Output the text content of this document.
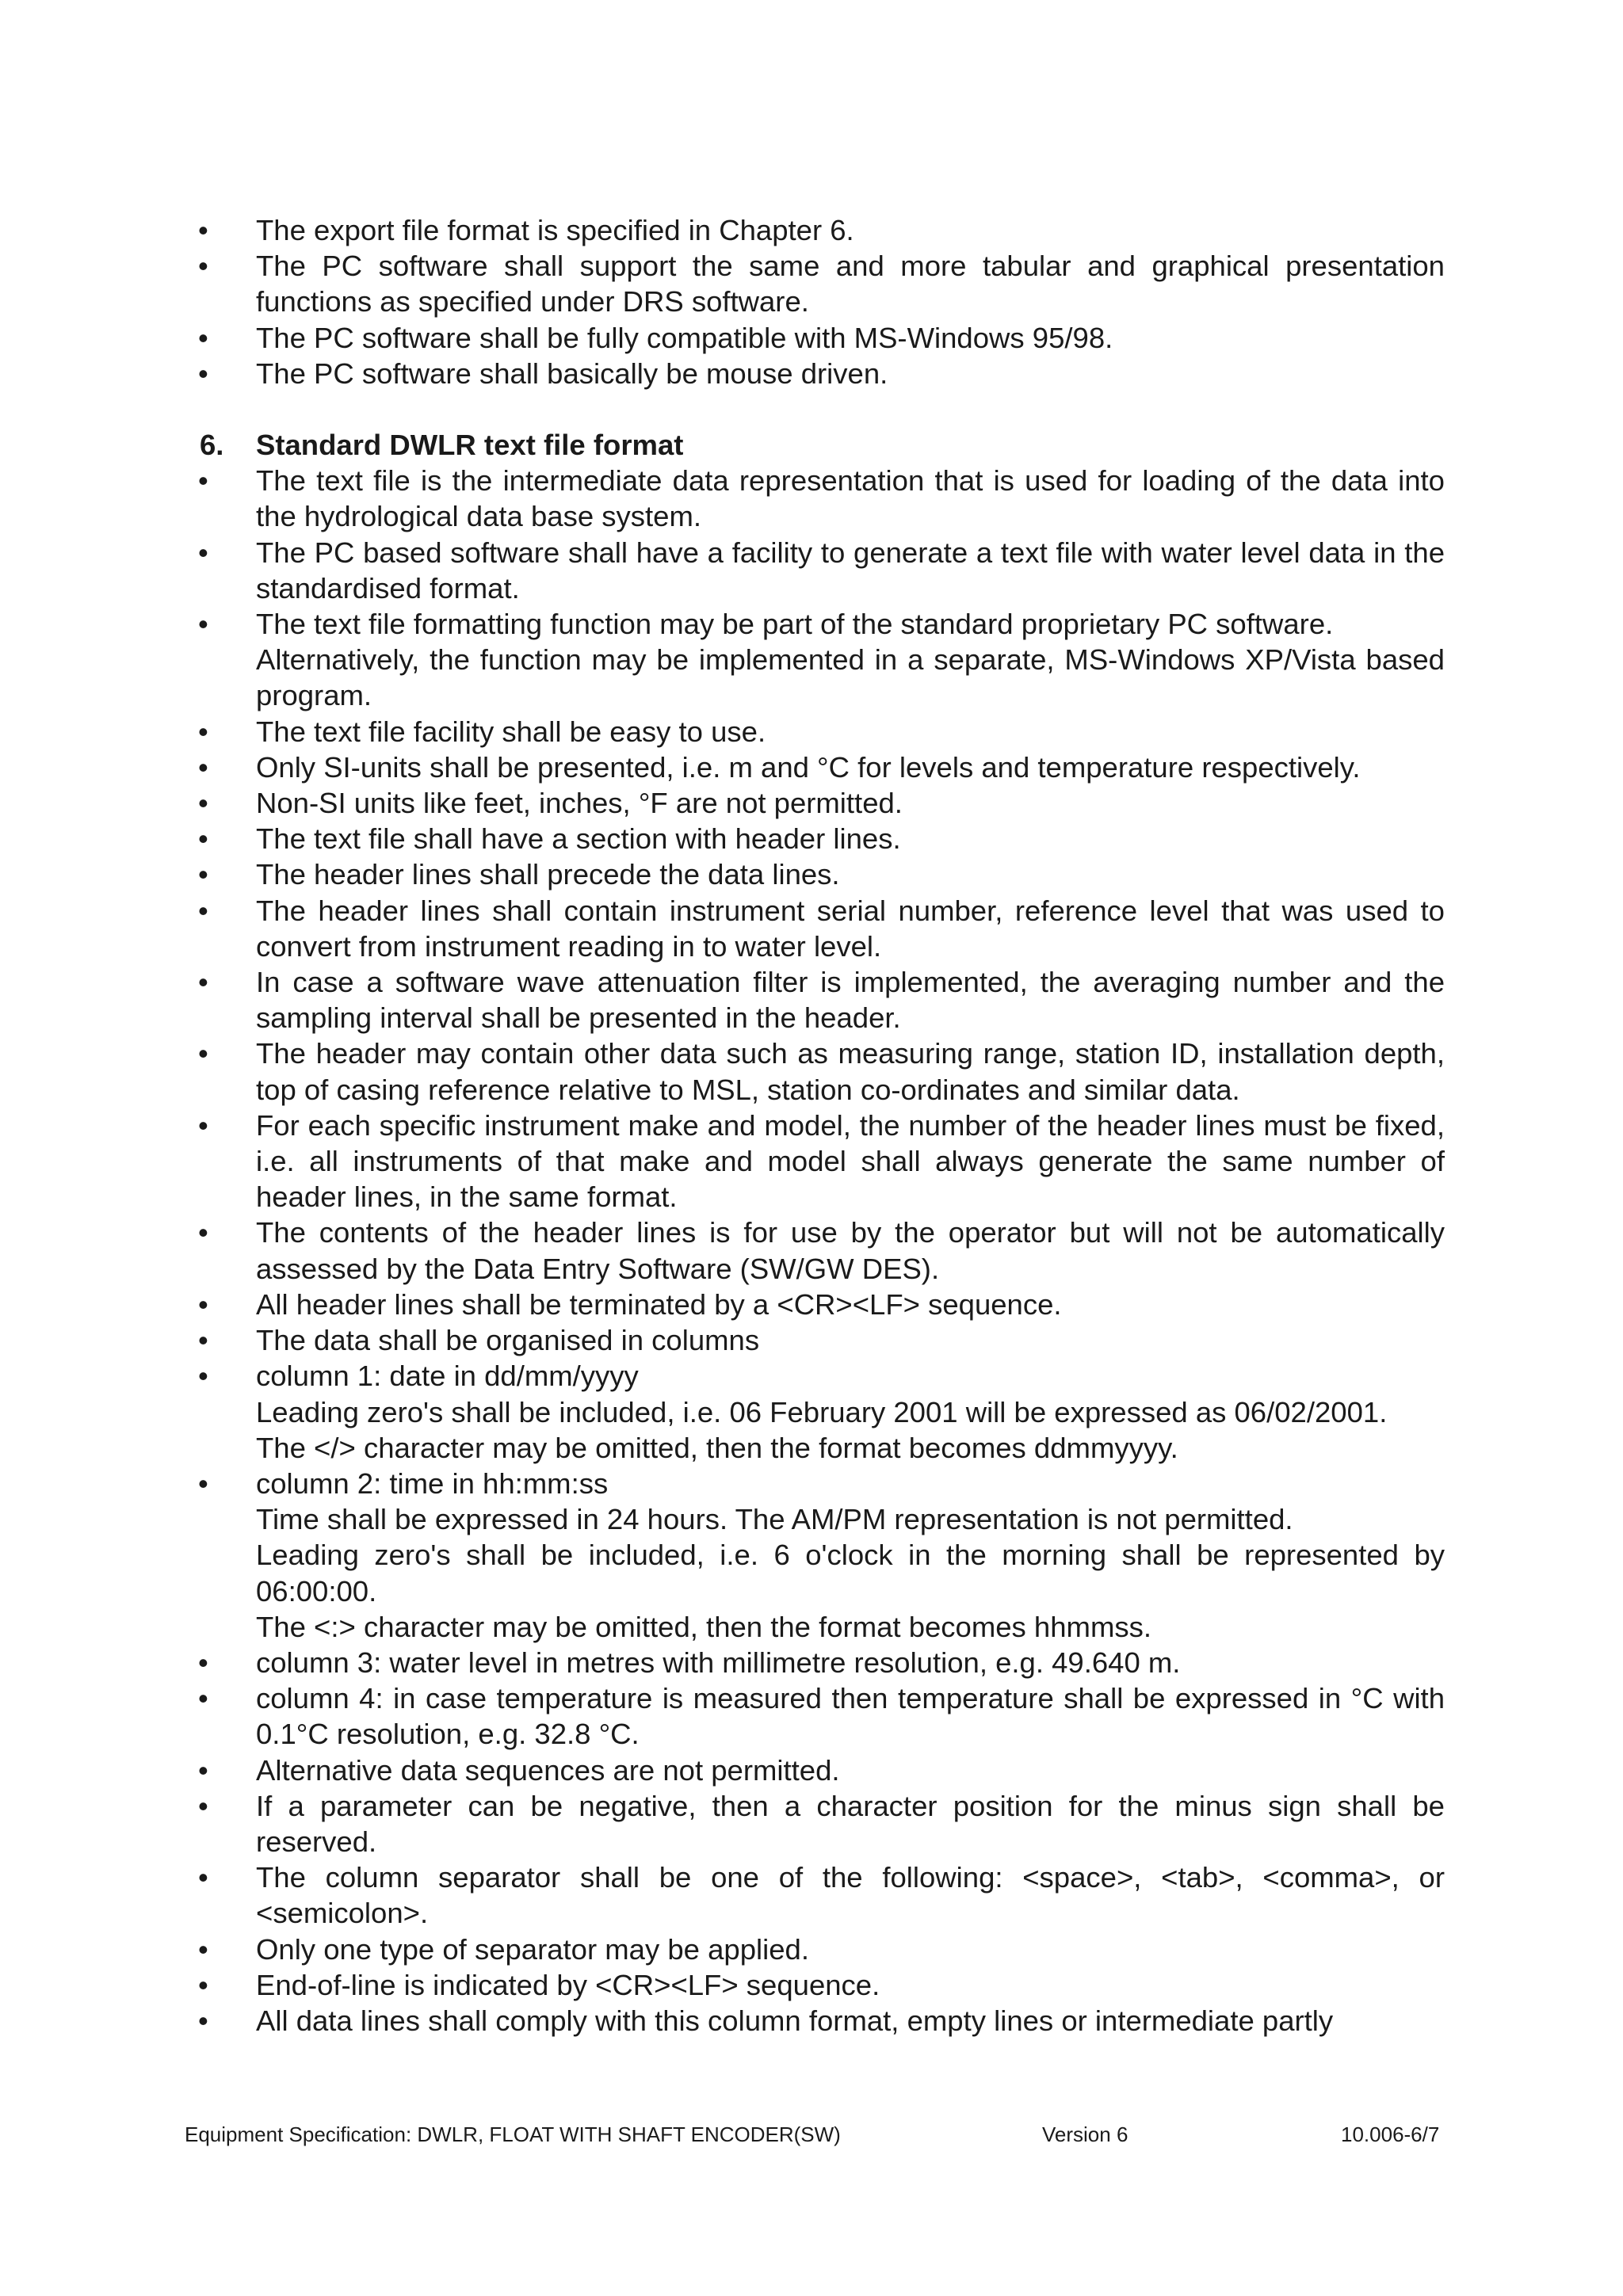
• The export file format is specified in Chapter 6.
• The PC software shall support the same and more tabular and graphical presentation functions as specified under DRS software.
• The PC software shall be fully compatible with MS-Windows 95/98.
• The PC software shall basically be mouse driven.
6. Standard DWLR text file format
• The text file is the intermediate data representation that is used for loading of the data into the hydrological data base system.
• The PC based software shall have a facility to generate a text file with water level data in the standardised format.
• The text file formatting function may be part of the standard proprietary PC software.
Alternatively, the function may be implemented in a separate, MS-Windows XP/Vista based program.
• The text file facility shall be easy to use.
• Only SI-units shall be presented, i.e. m and °C for levels and temperature respectively.
• Non-SI units like feet, inches, °F are not permitted.
• The text file shall have a section with header lines.
• The header lines shall precede the data lines.
• The header lines shall contain instrument serial number, reference level that was used to convert from instrument reading in to water level.
• In case a software wave attenuation filter is implemented, the averaging number and the sampling interval shall be presented in the header.
• The header may contain other data such as measuring range, station ID, installation depth, top of casing reference relative to MSL, station co-ordinates and similar data.
• For each specific instrument make and model, the number of the header lines must be fixed, i.e. all instruments of that make and model shall always generate the same number of header lines, in the same format.
• The contents of the header lines is for use by the operator but will not be automatically assessed by the Data Entry Software (SW/GW DES).
• All header lines shall be terminated by a <CR><LF> sequence.
• The data shall be organised in columns
• column 1: date in dd/mm/yyyy
Leading zero's shall be included, i.e. 06 February 2001 will be expressed as 06/02/2001.
The </> character may be omitted, then the format becomes ddmmyyyy.
• column 2: time in hh:mm:ss
Time shall be expressed in 24 hours. The AM/PM representation is not permitted.
Leading zero's shall be included, i.e. 6 o'clock in the morning shall be represented by 06:00:00.
The <:> character may be omitted, then the format becomes hhmmss.
• column 3: water level in metres with millimetre resolution, e.g. 49.640 m.
• column 4: in case temperature is measured then temperature shall be expressed in °C with 0.1°C resolution, e.g. 32.8 °C.
• Alternative data sequences are not permitted.
• If a parameter can be negative, then a character position for the minus sign shall be reserved.
• The column separator shall be one of the following: <space>, <tab>, <comma>, or <semicolon>.
• Only one type of separator may be applied.
• End-of-line is indicated by <CR><LF> sequence.
• All data lines shall comply with this column format, empty lines or intermediate partly
Equipment Specification: DWLR, FLOAT WITH SHAFT ENCODER(SW)	Version 6	10.006-6/7
